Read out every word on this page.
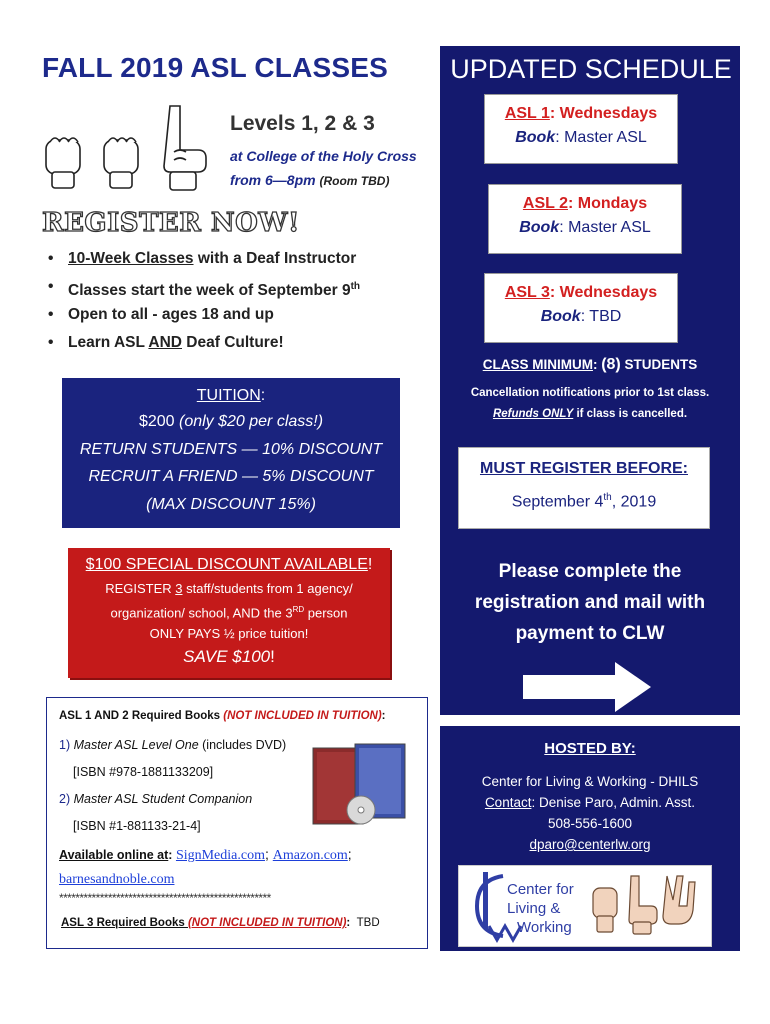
FALL 2019 ASL CLASSES
Levels 1, 2 & 3
at College of the Holy Cross
from 6—8pm (Room TBD)
REGISTER NOW!
• 10-Week Classes with a Deaf Instructor
• Classes start the week of September 9th
• Open to all - ages 18 and up
• Learn ASL AND Deaf Culture!
TUITION:
$200 (only $20 per class!)
RETURN STUDENTS — 10% DISCOUNT
RECRUIT A FRIEND — 5% DISCOUNT
(MAX DISCOUNT 15%)
$100 SPECIAL DISCOUNT AVAILABLE!
REGISTER 3 staff/students from 1 agency/
organization/ school, AND the 3RD person
ONLY PAYS ½ price tuition!
SAVE $100!
ASL 1 AND 2 Required Books (NOT INCLUDED IN TUITION):
1) Master ASL Level One (includes DVD)
[ISBN #978-1881133209]
2) Master ASL Student Companion
[ISBN #1-881133-21-4]
Available online at: SignMedia.com; Amazon.com;
barnesandnoble.com
****************************************************
ASL 3 Required Books (NOT INCLUDED IN TUITION): TBD
UPDATED SCHEDULE
ASL 1: Wednesdays
Book: Master ASL
ASL 2: Mondays
Book: Master ASL
ASL 3: Wednesdays
Book: TBD
CLASS MINIMUM: (8) STUDENTS
Cancellation notifications prior to 1st class.
Refunds ONLY if class is cancelled.
MUST REGISTER BEFORE:
September 4th, 2019
Please complete the
registration and mail with
payment to CLW
HOSTED BY:
Center for Living & Working - DHILS
Contact: Denise Paro, Admin. Asst.
508-556-1600
dparo@centerlw.org
Center for
Living &
Working
